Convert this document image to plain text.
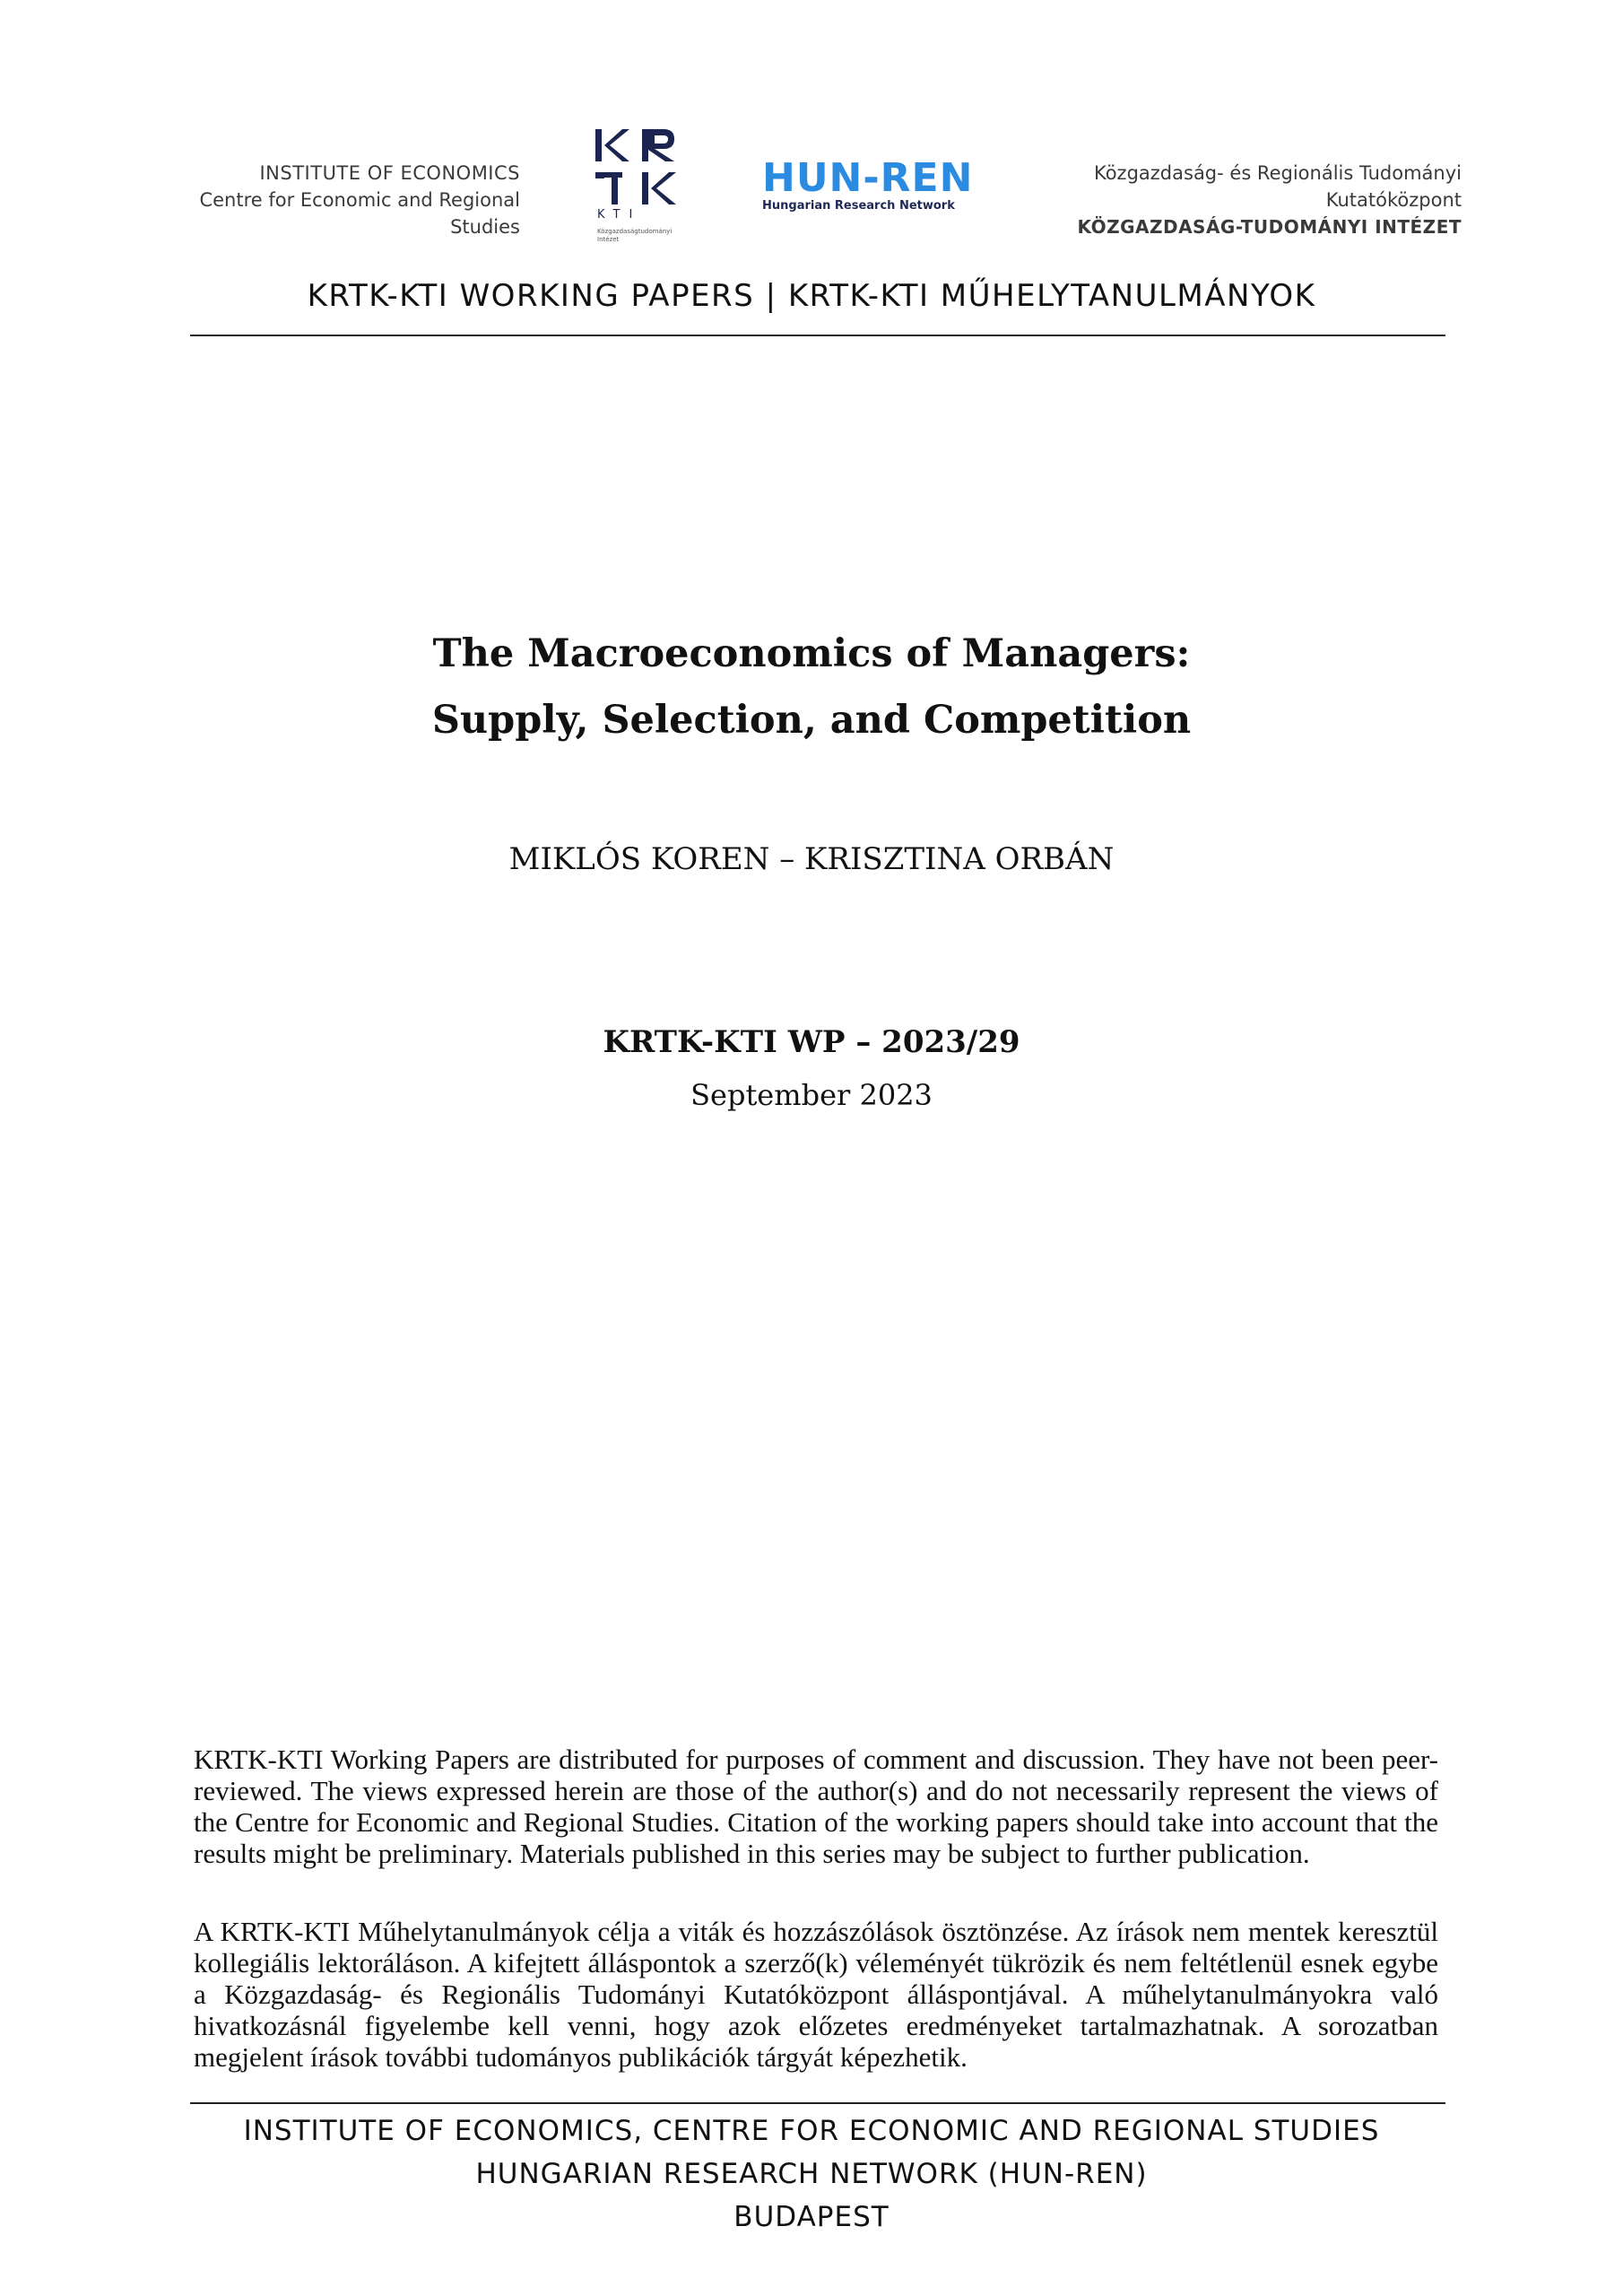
INSTITUTE OF ECONOMICS
Centre for Economic and Regional Studies
KTI
Közgazdaságtudományi Intézet
HUN-REN
Hungarian Research Network
Közgazdaság- és Regionális Tudományi Kutatóközpont
KÖZGAZDASÁG-TUDOMÁNYI INTÉZET
KRTK-KTI WORKING PAPERS | KRTK-KTI MŰHELYTANULMÁNYOK
The Macroeconomics of Managers:
Supply, Selection, and Competition
MIKLÓS KOREN – KRISZTINA ORBÁN
KRTK-KTI WP – 2023/29
September 2023

KRTK-KTI Working Papers are distributed for purposes of comment and discussion. They have not been peer-reviewed. The views expressed herein are those of the author(s) and do not necessarily represent the views of the Centre for Economic and Regional Studies. Citation of the working papers should take into account that the results might be preliminary. Materials published in this series may be subject to further publication.

A KRTK-KTI Műhelytanulmányok célja a viták és hozzászólások ösztönzése. Az írások nem mentek keresztül kollegiális lektoráláson. A kifejtett álláspontok a szerző(k) véleményét tükrözik és nem feltétlenül esnek egybe a Közgazdaság- és Regionális Tudományi Kutatóközpont álláspontjával. A műhelytanulmányokra való hivatkozásnál figyelembe kell venni, hogy azok előzetes eredményeket tartalmazhatnak. A sorozatban megjelent írások további tudományos publikációk tárgyát képezhetik.

INSTITUTE OF ECONOMICS, CENTRE FOR ECONOMIC AND REGIONAL STUDIES
HUNGARIAN RESEARCH NETWORK (HUN-REN)
BUDAPEST
